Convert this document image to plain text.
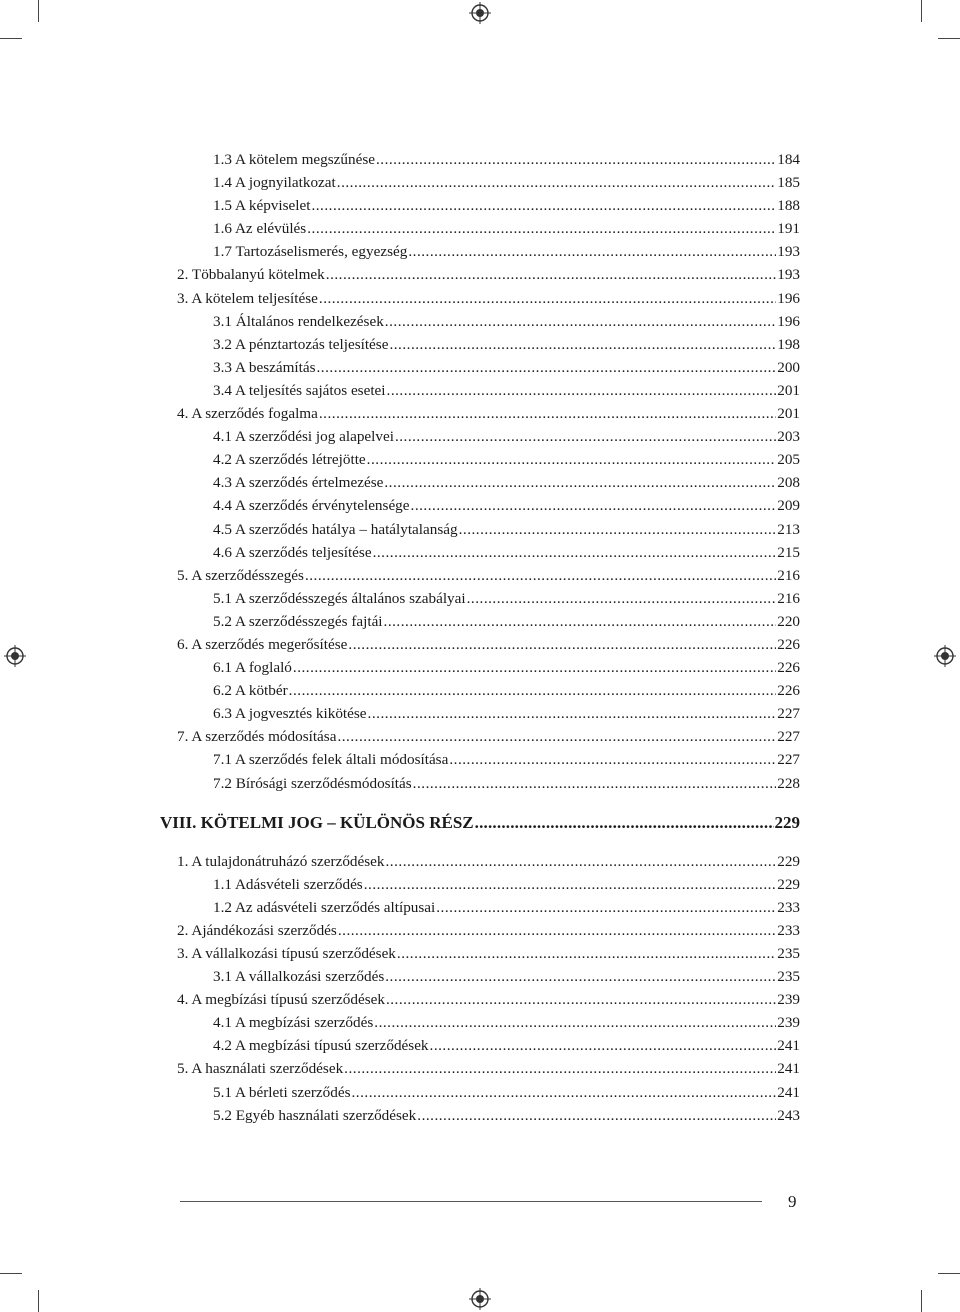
1.3 A kötelem megszűnése .....	184
1.4 A jognyilatkozat .....	185
1.5 A képviselet .....	188
1.6 Az elévülés .....	191
1.7 Tartozáselismerés, egyezség .....	193
2. Többalanyú kötelmek .....	193
3. A kötelem teljesítése .....	196
3.1 Általános rendelkezések .....	196
3.2 A pénztartozás teljesítése .....	198
3.3 A beszámítás .....	200
3.4 A teljesítés sajátos esetei .....	201
4. A szerződés fogalma .....	201
4.1 A szerződési jog alapelvei .....	203
4.2 A szerződés létrejötte .....	205
4.3 A szerződés értelmezése .....	208
4.4 A szerződés érvénytelensége .....	209
4.5 A szerződés hatálya – hatálytalanság .....	213
4.6 A szerződés teljesítése .....	215
5. A szerződésszegés .....	216
5.1 A szerződésszegés általános szabályai .....	216
5.2 A szerződésszegés fajtái .....	220
6. A szerződés megerősítése .....	226
6.1 A foglaló .....	226
6.2 A kötbér .....	226
6.3 A jogvesztés kikötése .....	227
7. A szerződés módosítása .....	227
7.1 A szerződés felek általi módosítása .....	227
7.2 Bírósági szerződésmódosítás .....	228
VIII. KÖTELMI JOG – KÜLÖNÖS RÉSZ .....	229
1. A tulajdonátruházó szerződések .....	229
1.1 Adásvételi szerződés .....	229
1.2 Az adásvételi szerződés altípusai .....	233
2. Ajándékozási szerződés .....	233
3. A vállalkozási típusú szerződések .....	235
3.1 A vállalkozási szerződés .....	235
4. A megbízási típusú szerződések .....	239
4.1 A megbízási szerződés .....	239
4.2 A megbízási típusú szerződések .....	241
5. A használati szerződések .....	241
5.1 A bérleti szerződés .....	241
5.2 Egyéb használati szerződések .....	243
9
